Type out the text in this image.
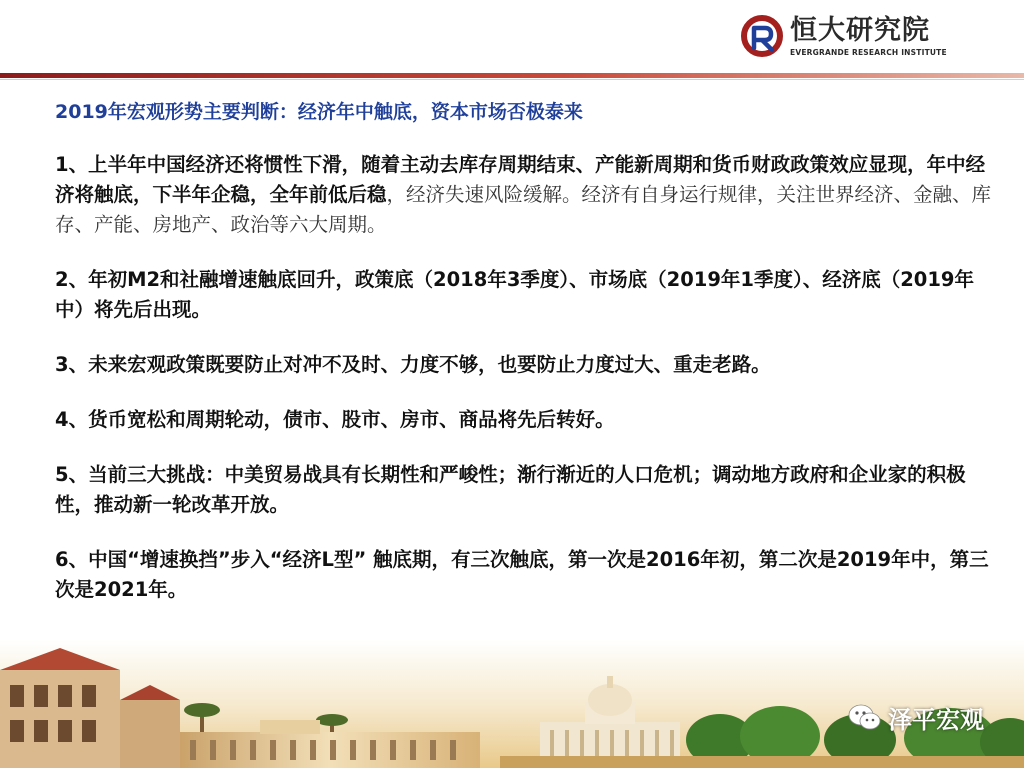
恒大研究院
EVERGRANDE RESEARCH INSTITUTE
2019年宏观形势主要判断：经济年中触底，资本市场否极泰来
1、上半年中国经济还将惯性下滑，随着主动去库存周期结束、产能新周期和货币财政政策效应显现，年中经济将触底，下半年企稳，全年前低后稳，经济失速风险缓解。经济有自身运行规律，关注世界经济、金融、库存、产能、房地产、政治等六大周期。
2、年初M2和社融增速触底回升，政策底（2018年3季度）、市场底（2019年1季度）、经济底（2019年中）将先后出现。
3、未来宏观政策既要防止对冲不及时、力度不够，也要防止力度过大、重走老路。
4、货币宽松和周期轮动，债市、股市、房市、商品将先后转好。
5、当前三大挑战：中美贸易战具有长期性和严峻性；渐行渐近的人口危机；调动地方政府和企业家的积极性，推动新一轮改革开放。
6、中国“增速换挡”步入“经济L型” 触底期，有三次触底，第一次是2016年初，第二次是2019年中，第三次是2021年。
泽平宏观
